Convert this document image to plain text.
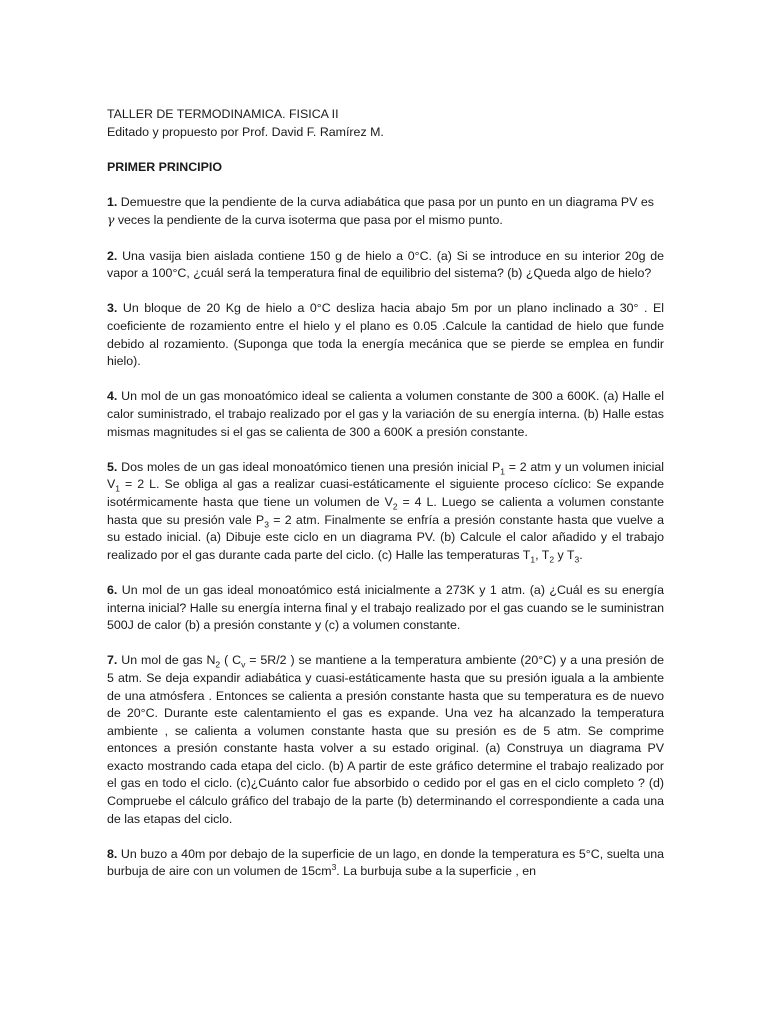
TALLER DE TERMODINAMICA. FISICA II

Editado y propuesto por Prof. David F. Ramírez M.

PRIMER PRINCIPIO

1. Demuestre que la pendiente de la curva adiabática que pasa por un punto en un diagrama PV es
γ veces la pendiente de la curva isoterma que pasa por el mismo punto.

2. Una vasija bien aislada contiene 150 g de hielo a 0°C. (a) Si se introduce en su interior 20g de vapor a 100°C, ¿cuál será la temperatura final de equilibrio del sistema? (b) ¿Queda algo de hielo?

3. Un bloque de 20 Kg de hielo a 0°C desliza hacia abajo 5m por un plano inclinado a 30° . El coeficiente de rozamiento entre el hielo y el plano es 0.05 .Calcule la cantidad de hielo que funde debido al rozamiento. (Suponga que toda la energía mecánica que se pierde se emplea en fundir hielo).

4. Un mol de un gas monoatómico ideal se calienta a volumen constante de 300 a 600K. (a) Halle el calor suministrado, el trabajo realizado por el gas y la variación de su energía interna. (b) Halle estas mismas magnitudes si el gas se calienta de 300 a 600K a presión constante.

5. Dos moles de un gas ideal monoatómico tienen una presión inicial $P_1 = 2$ atm y un volumen inicial $V_1 = 2$ L. Se obliga al gas a realizar cuasi-estáticamente el siguiente proceso cíclico: Se expande isotérmicamente hasta que tiene un volumen de $V_2 = 4$ L. Luego se calienta a volumen constante hasta que su presión vale $P_3 = 2$ atm. Finalmente se enfría a presión constante hasta que vuelve a su estado inicial. (a) Dibuje este ciclo en un diagrama PV. (b) Calcule el calor añadido y el trabajo realizado por el gas durante cada parte del ciclo. (c) Halle las temperaturas $T_1$, $T_2$ y $T_3$.

6. Un mol de un gas ideal monoatómico está inicialmente a 273K y 1 atm. (a) ¿Cuál es su energía interna inicial? Halle su energía interna final y el trabajo realizado por el gas cuando se le suministran 500J de calor (b) a presión constante y (c) a volumen constante.

7. Un mol de gas $N_2$ ( $C_v = 5R/2$ ) se mantiene a la temperatura ambiente (20°C) y a una presión de 5 atm. Se deja expandir adiabática y cuasi-estáticamente hasta que su presión iguala a la ambiente de una atmósfera . Entonces se calienta a presión constante hasta que su temperatura es de nuevo de 20°C. Durante este calentamiento el gas es expande. Una vez ha alcanzado la temperatura ambiente , se calienta a volumen constante hasta que su presión es de 5 atm. Se comprime entonces a presión constante hasta volver a su estado original. (a) Construya un diagrama PV exacto mostrando cada etapa del ciclo. (b) A partir de este gráfico determine el trabajo realizado por el gas en todo el ciclo. (c)¿Cuánto calor fue absorbido o cedido por el gas en el ciclo completo ? (d) Compruebe el cálculo gráfico del trabajo de la parte (b) determinando el correspondiente a cada una de las etapas del ciclo.

8. Un buzo a 40m por debajo de la superficie de un lago, en donde la temperatura es 5°C, suelta una burbuja de aire con un volumen de $15cm^3$. La burbuja sube a la superficie , en
